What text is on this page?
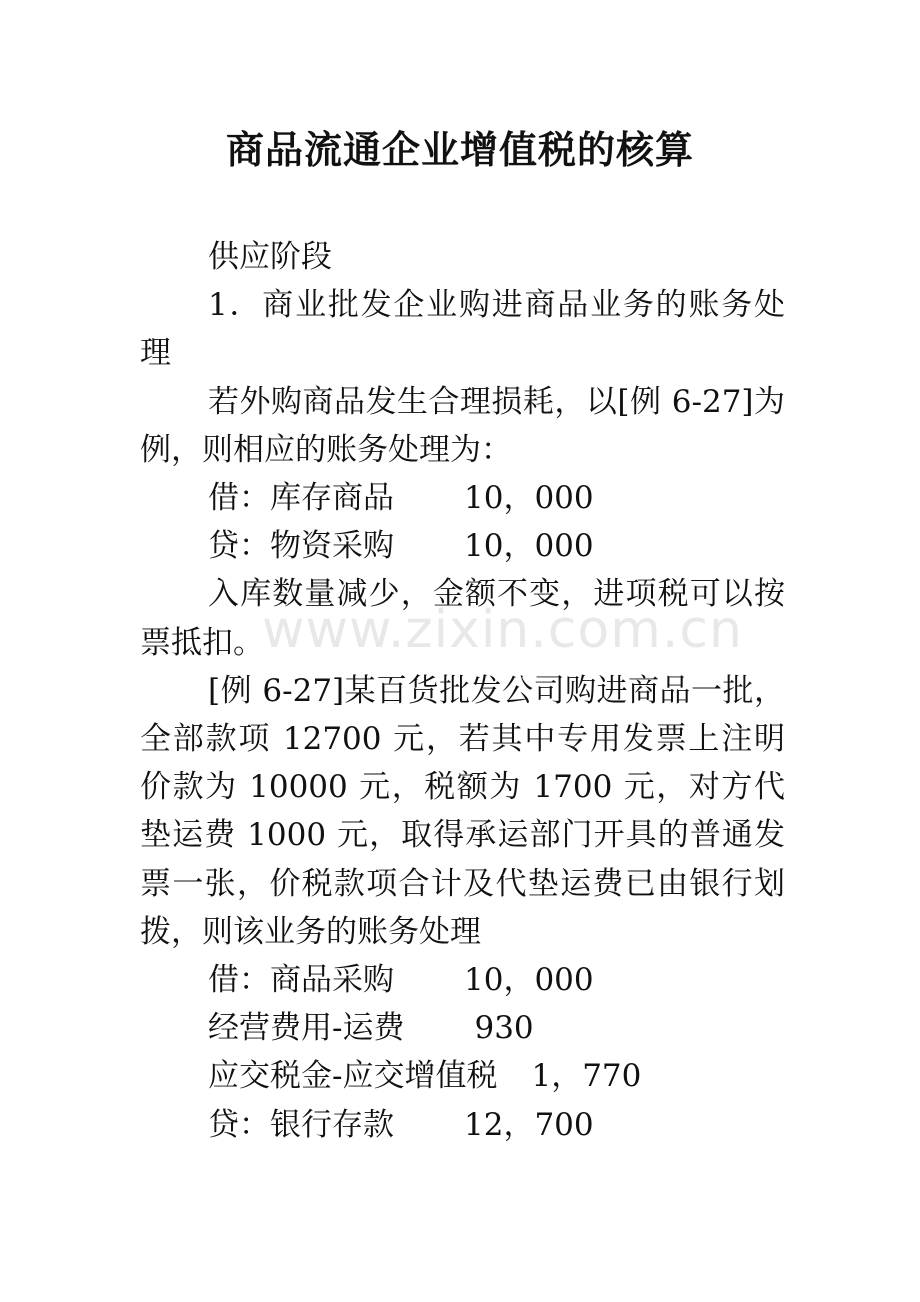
商品流通企业增值税的核算

供应阶段

1．商业批发企业购进商品业务的账务处理

若外购商品发生合理损耗，以[例 6-27]为例，则相应的账务处理为：

借：库存商品 10，000
贷：物资采购 10，000

入库数量减少，金额不变，进项税可以按票抵扣。

[例 6-27]某百货批发公司购进商品一批，全部款项 12700 元，若其中专用发票上注明价款为 10000 元，税额为 1700 元，对方代垫运费 1000 元，取得承运部门开具的普通发票一张，价税款项合计及代垫运费已由银行划拨，则该业务的账务处理

借：商品采购 10，000
经营费用-运费 930
应交税金-应交增值税 1，770
贷：银行存款 12，700
www.zixin.com.cn
